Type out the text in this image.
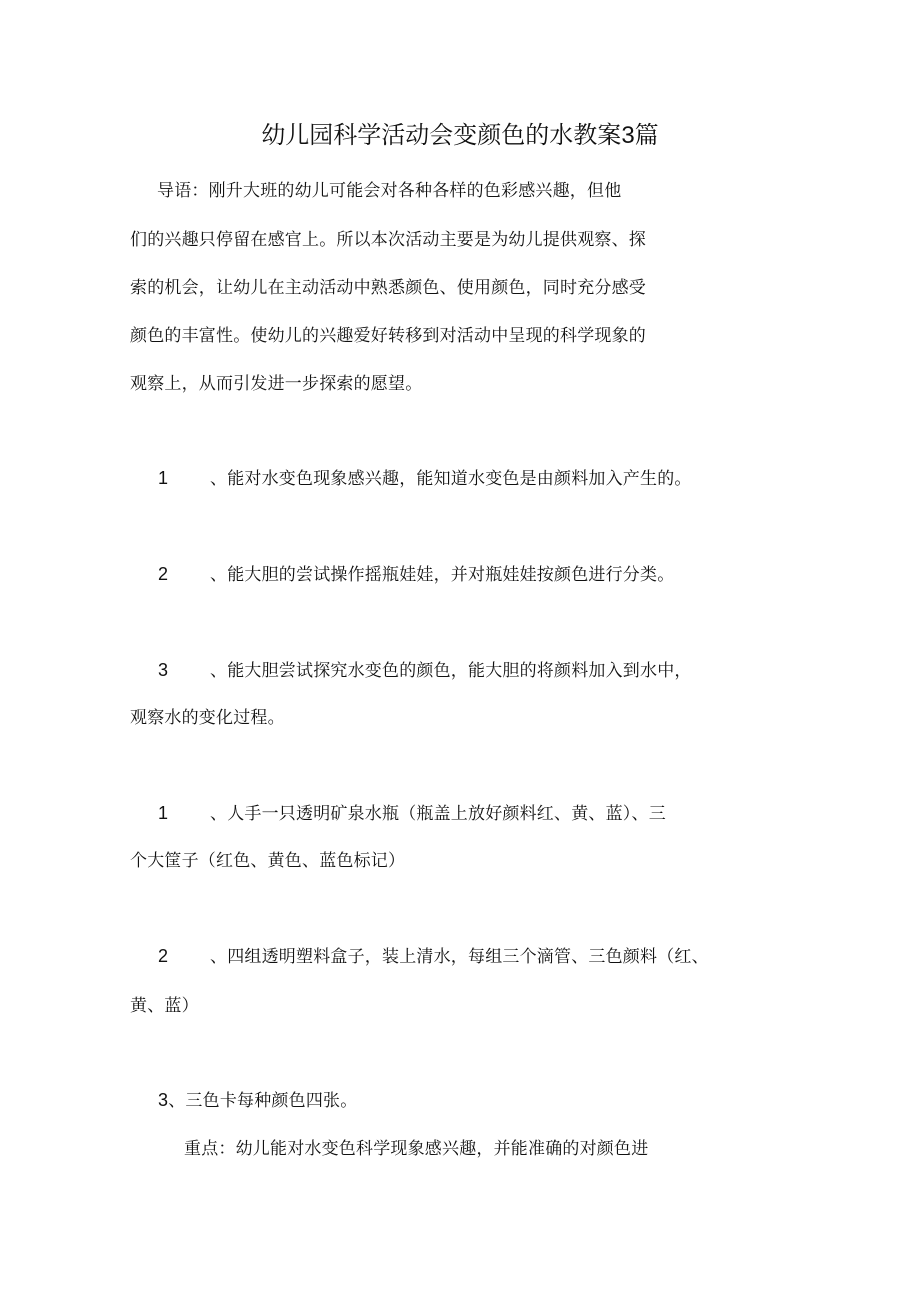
幼儿园科学活动会变颜色的水教案3篇
导语：刚升大班的幼儿可能会对各种各样的色彩感兴趣，但他
们的兴趣只停留在感官上。所以本次活动主要是为幼儿提供观察、探
索的机会，让幼儿在主动活动中熟悉颜色、使用颜色，同时充分感受
颜色的丰富性。使幼儿的兴趣爱好转移到对活动中呈现的科学现象的
观察上，从而引发进一步探索的愿望。
1 、能对水变色现象感兴趣，能知道水变色是由颜料加入产生的。
2 、能大胆的尝试操作摇瓶娃娃，并对瓶娃娃按颜色进行分类。
3 、能大胆尝试探究水变色的颜色，能大胆的将颜料加入到水中，
观察水的变化过程。
1 、人手一只透明矿泉水瓶（瓶盖上放好颜料红、黄、蓝）、三
个大筐子（红色、黄色、蓝色标记）
2 、四组透明塑料盒子，装上清水，每组三个滴管、三色颜料（红、
黄、蓝）
3、三色卡每种颜色四张。
重点：幼儿能对水变色科学现象感兴趣，并能准确的对颜色进
